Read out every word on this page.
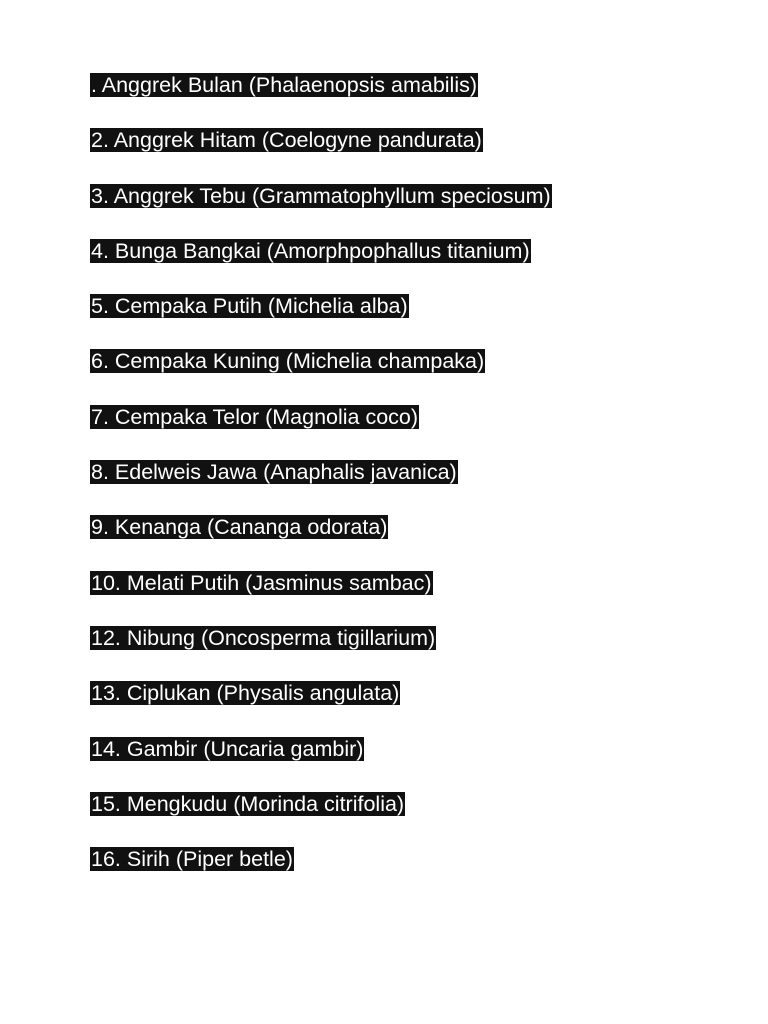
. Anggrek Bulan (Phalaenopsis amabilis)
2. Anggrek Hitam (Coelogyne pandurata)
3. Anggrek Tebu (Grammatophyllum speciosum)
4. Bunga Bangkai (Amorphpophallus titanium)
5. Cempaka Putih (Michelia alba)
6. Cempaka Kuning (Michelia champaka)
7. Cempaka Telor (Magnolia coco)
8. Edelweis Jawa (Anaphalis javanica)
9. Kenanga (Cananga odorata)
10. Melati Putih (Jasminus sambac)
12. Nibung (Oncosperma tigillarium)
13. Ciplukan (Physalis angulata)
14. Gambir (Uncaria gambir)
15. Mengkudu (Morinda citrifolia)
16. Sirih (Piper betle)
